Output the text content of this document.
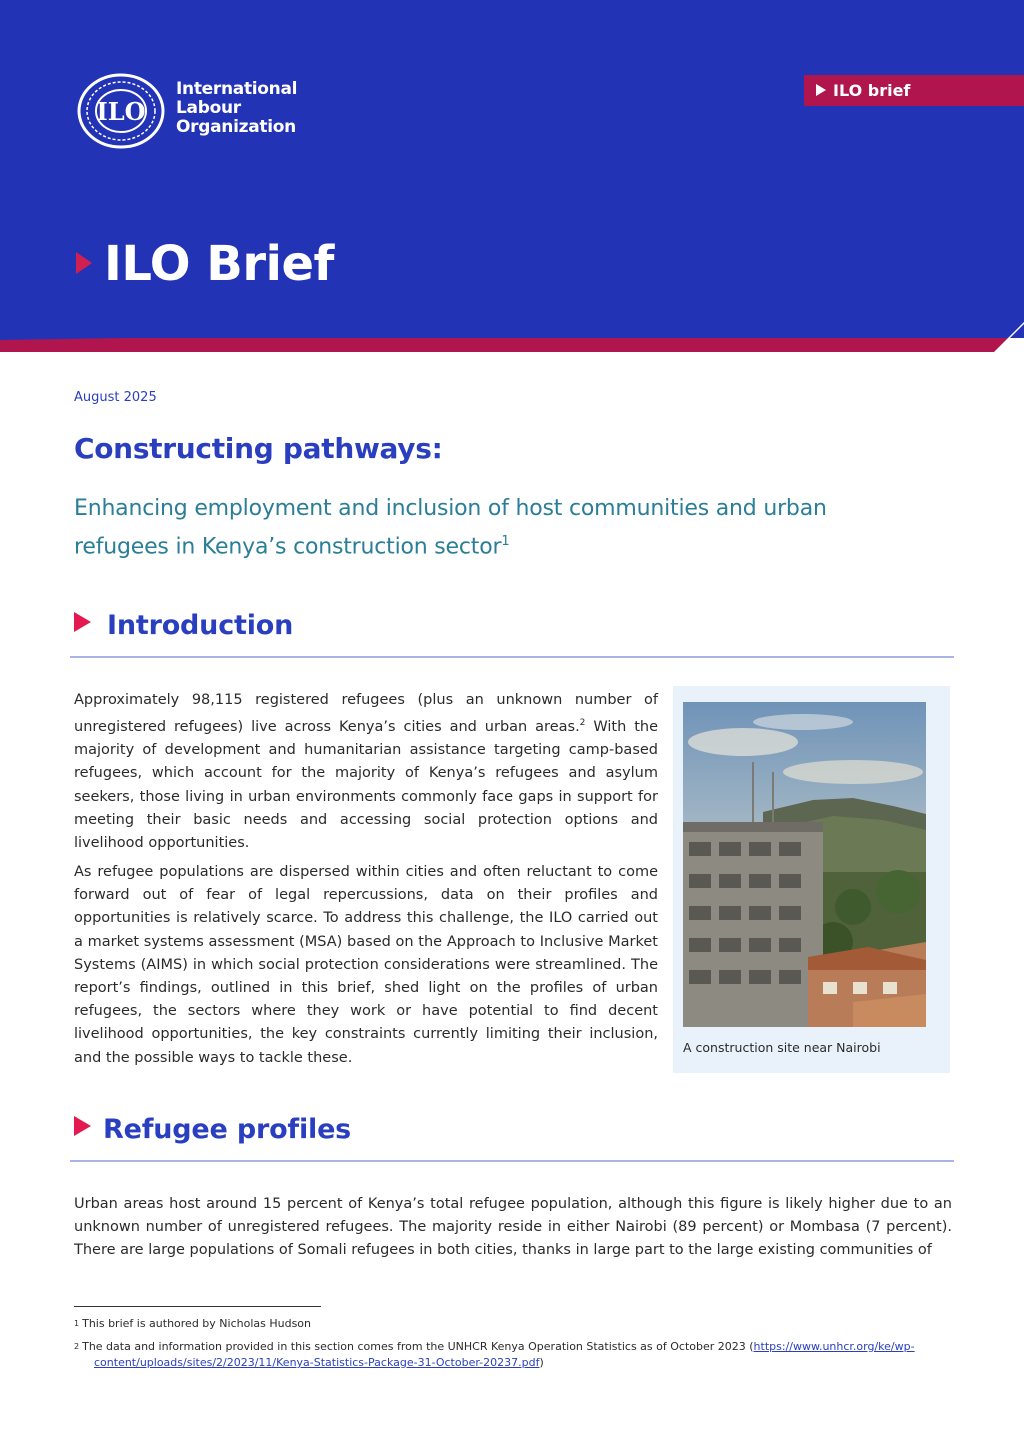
ILO
International
Labour
Organization
ILO brief
ILO Brief
August 2025
Constructing pathways:
Enhancing employment and inclusion of host communities and urban
refugees in Kenya’s construction sector$^1$
Introduction
Approximately 98,115 registered refugees (plus an unknown number of unregistered refugees) live across Kenya’s cities and urban areas.$^2$ With the majority of development and humanitarian assistance targeting camp-based refugees, which account for the majority of Kenya’s refugees and asylum seekers, those living in urban environments commonly face gaps in support for meeting their basic needs and accessing social protection options and livelihood opportunities.
As refugee populations are dispersed within cities and often reluctant to come forward out of fear of legal repercussions, data on their profiles and opportunities is relatively scarce. To address this challenge, the ILO carried out a market systems assessment (MSA) based on the Approach to Inclusive Market Systems (AIMS) in which social protection considerations were streamlined. The report’s findings, outlined in this brief, shed light on the profiles of urban refugees, the sectors where they work or have potential to find decent livelihood opportunities, the key constraints currently limiting their inclusion, and the possible ways to tackle these.
A construction site near Nairobi
Refugee profiles
Urban areas host around 15 percent of Kenya’s total refugee population, although this figure is likely higher due to an unknown number of unregistered refugees. The majority reside in either Nairobi (89 percent) or Mombasa (7 percent). There are large populations of Somali refugees in both cities, thanks in large part to the large existing communities of
$^1$ This brief is authored by Nicholas Hudson
$^2$ The data and information provided in this section comes from the UNHCR Kenya Operation Statistics as of October 2023 (https://www.unhcr.org/ke/wp-
content/uploads/sites/2/2023/11/Kenya-Statistics-Package-31-October-20237.pdf)
